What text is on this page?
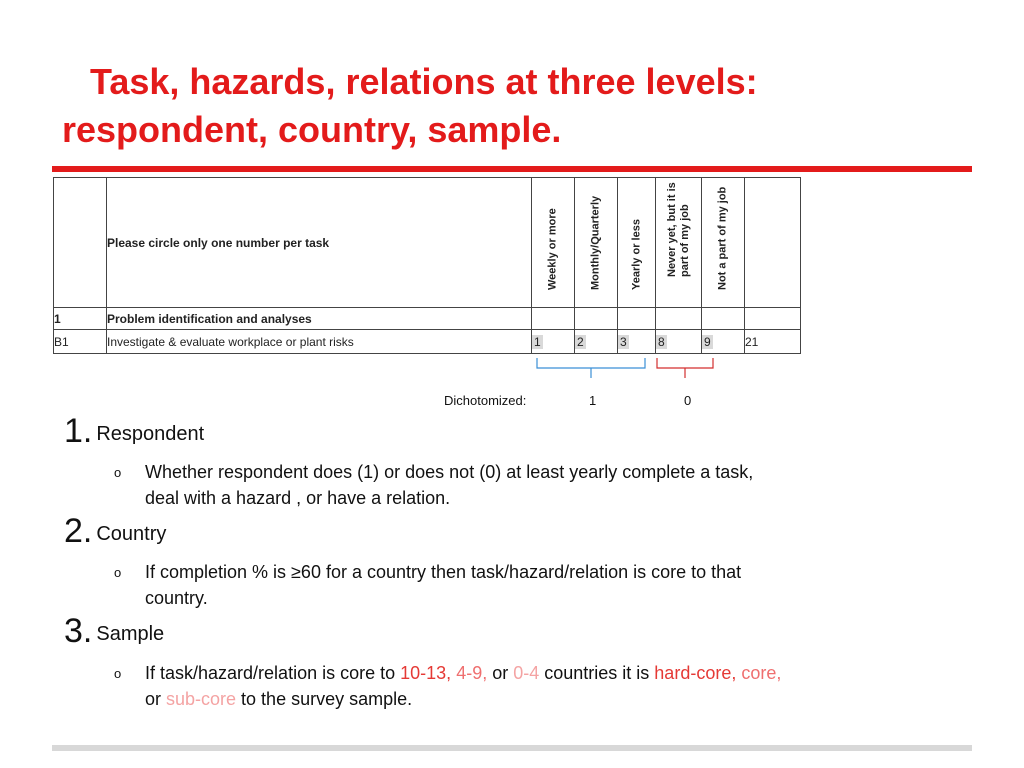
Task, hazards, relations at three levels:
respondent, country, sample.
	Please circle only one number per task	Weekly or more	Monthly/Quarterly	Yearly or less	Never yet, but it is part of my job	Not a part of my job	

1	Problem identification and analyses						
B1	Investigate & evaluate workplace or plant risks	1	2	3	8	9	21
Dichotomized:	1	0
1. Respondent
o Whether respondent does (1) or does not (0) at least yearly complete a task,
deal with a hazard , or have a relation.
2. Country
o If completion % is ≥60 for a country then task/hazard/relation is core to that
country.
3. Sample
o If task/hazard/relation is core to 10-13, 4-9, or 0-4 countries it is hard-core, core,
or sub-core to the survey sample.
